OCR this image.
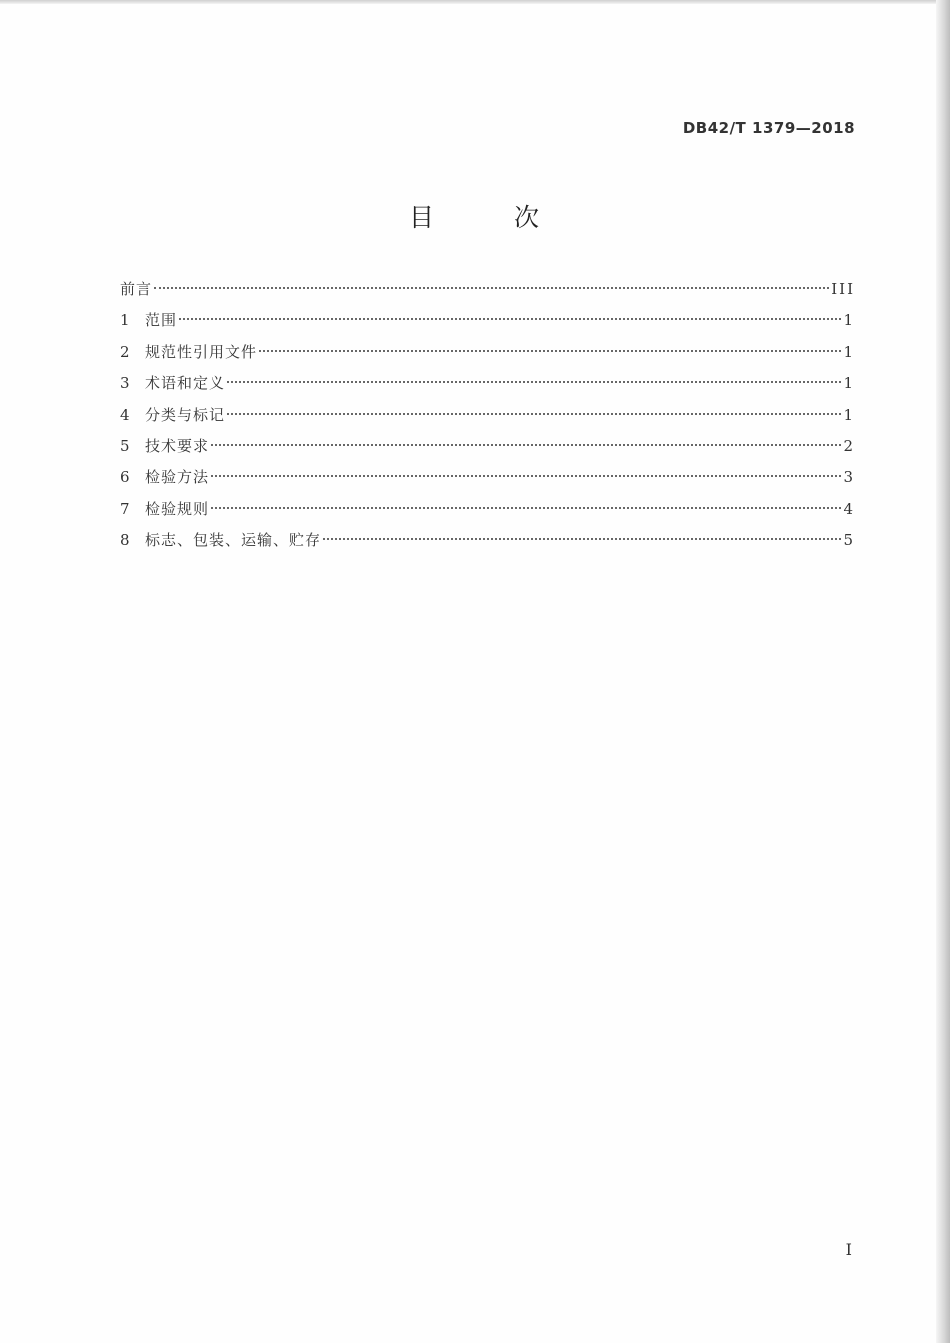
DB42/T 1379—2018
目 次
前言	III
1	范围	1
2	规范性引用文件	1
3	术语和定义	1
4	分类与标记	1
5	技术要求	2
6	检验方法	3
7	检验规则	4
8	标志、包装、运输、贮存	5
I
